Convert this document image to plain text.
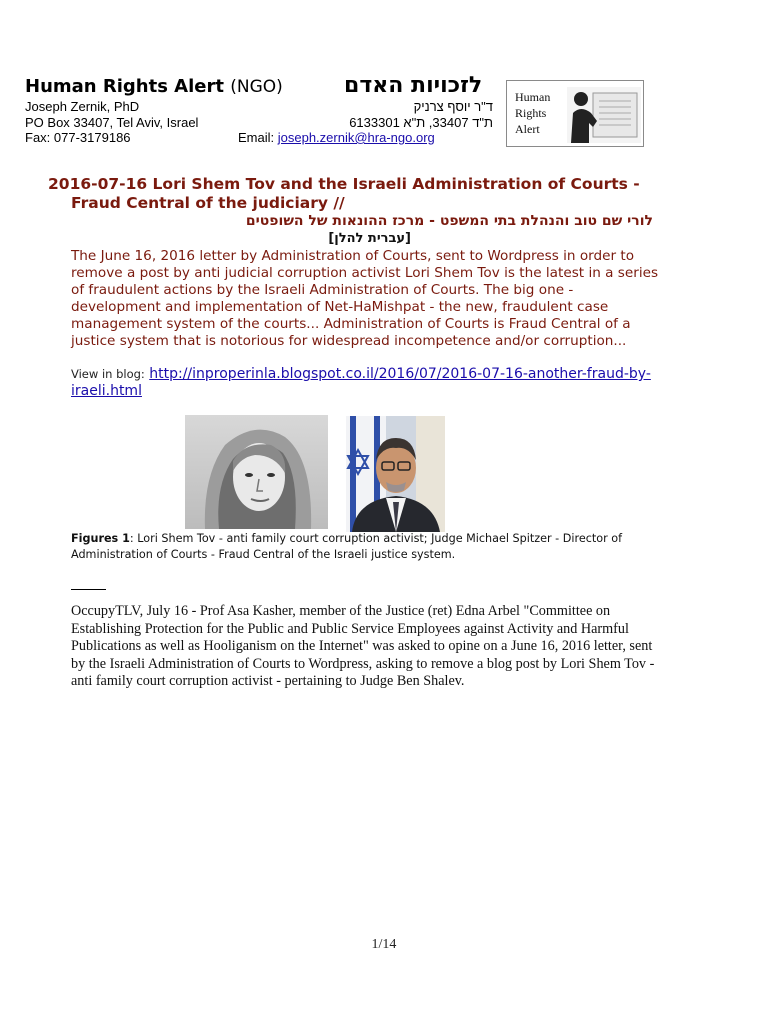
Human Rights Alert (NGO)	לזכויות האדם
Joseph Zernik, PhD	ד"ר יוסף צרניק
PO Box 33407, Tel Aviv, Israel	ת"ד 33407, ת"א 6133301
Fax: 077-3179186	Email: joseph.zernik@hra-ngo.org
Human
Rights
Alert
2016-07-16 Lori Shem Tov and the Israeli Administration of Courts -
Fraud Central of the judiciary //
לורי שם טוב והנהלת בתי המשפט - מרכז ההונאות של השופטים
[עברית להלן]
The June 16, 2016 letter by Administration of Courts, sent to Wordpress in order to remove a post by anti judicial corruption activist Lori Shem Tov is the latest in a series of fraudulent actions by the Israeli Administration of Courts. The big one - development and implementation of Net-HaMishpat - the new, fraudulent case management system of the courts... Administration of Courts is Fraud Central of a justice system that is notorious for widespread incompetence and/or corruption...
View in blog: http://inproperinla.blogspot.co.il/2016/07/2016-07-16-another-fraud-by-iraeli.html
Figures 1: Lori Shem Tov - anti family court corruption activist; Judge Michael Spitzer - Director of Administration of Courts - Fraud Central of the Israeli justice system.
OccupyTLV, July 16 - Prof Asa Kasher, member of the Justice (ret) Edna Arbel "Committee on Establishing Protection for the Public and Public Service Employees against Activity and Harmful Publications as well as Hooliganism on the Internet" was asked to opine on a June 16, 2016 letter, sent by the Israeli Administration of Courts to Wordpress, asking to remove a blog post by Lori Shem Tov - anti family court corruption activist - pertaining to Judge Ben Shalev.
1/14
